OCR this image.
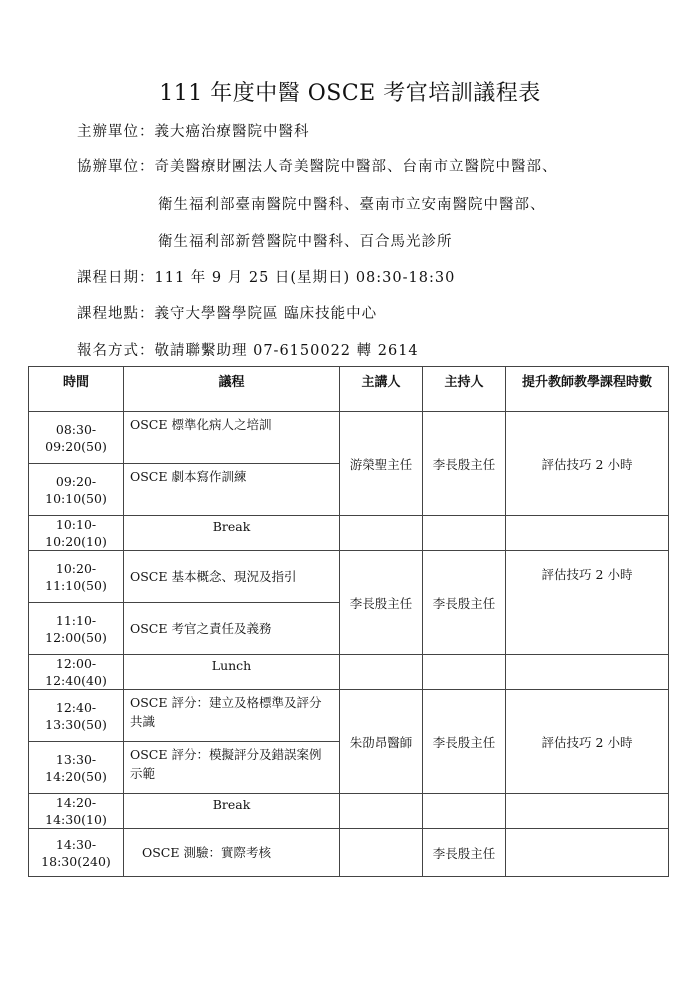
111 年度中醫 OSCE 考官培訓議程表
主辦單位：義大癌治療醫院中醫科
協辦單位：奇美醫療財團法人奇美醫院中醫部、台南市立醫院中醫部、
衛生福利部臺南醫院中醫科、臺南市立安南醫院中醫部、
衛生福利部新營醫院中醫科、百合馬光診所
課程日期：111 年 9 月 25 日(星期日) 08:30-18:30
課程地點：義守大學醫學院區 臨床技能中心
報名方式：敬請聯繫助理 07-6150022 轉 2614
時間	議程	主講人	主持人	提升教師教學課程時數
08:30-09:20(50)	OSCE 標準化病人之培訓	游榮聖主任	李長殷主任	評估技巧 2 小時
09:20-10:10(50)	OSCE 劇本寫作訓練			
10:10-10:20(10)	Break			
10:20-11:10(50)	OSCE 基本概念、現況及指引	李長殷主任	李長殷主任	評估技巧 2 小時
11:10-12:00(50)	OSCE 考官之責任及義務			
12:00-12:40(40)	Lunch			
12:40-13:30(50)	OSCE 評分：建立及格標準及評分共識	朱劭昂醫師	李長殷主任	評估技巧 2 小時
13:30-14:20(50)	OSCE 評分：模擬評分及錯誤案例示範			
14:20-14:30(10)	Break			
14:30-18:30(240)	OSCE 測驗：實際考核		李長殷主任	
